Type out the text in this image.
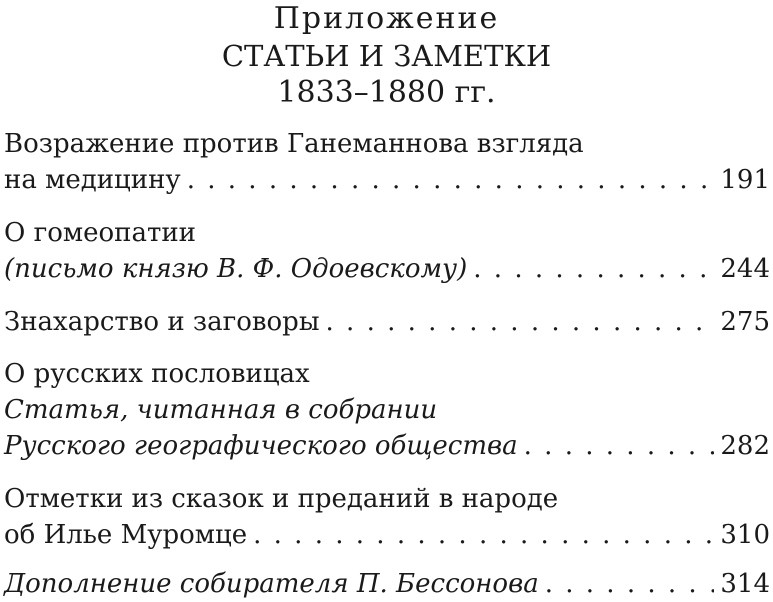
Приложение
СТАТЬИ И ЗАМЕТКИ
1833–1880 гг.
Возражение против Ганеманнова взгляда
на медицину . . .	191
О гомеопатии
(письмо князю В. Ф. Одоевскому) . . .	244
Знахарство и заговоры . . .	275
О русских пословицах
Статья, читанная в собрании
Русского географического общества . . .	282
Отметки из сказок и преданий в народе
об Илье Муромце . . .	310
Дополнение собирателя П. Бессонова . . .	314
